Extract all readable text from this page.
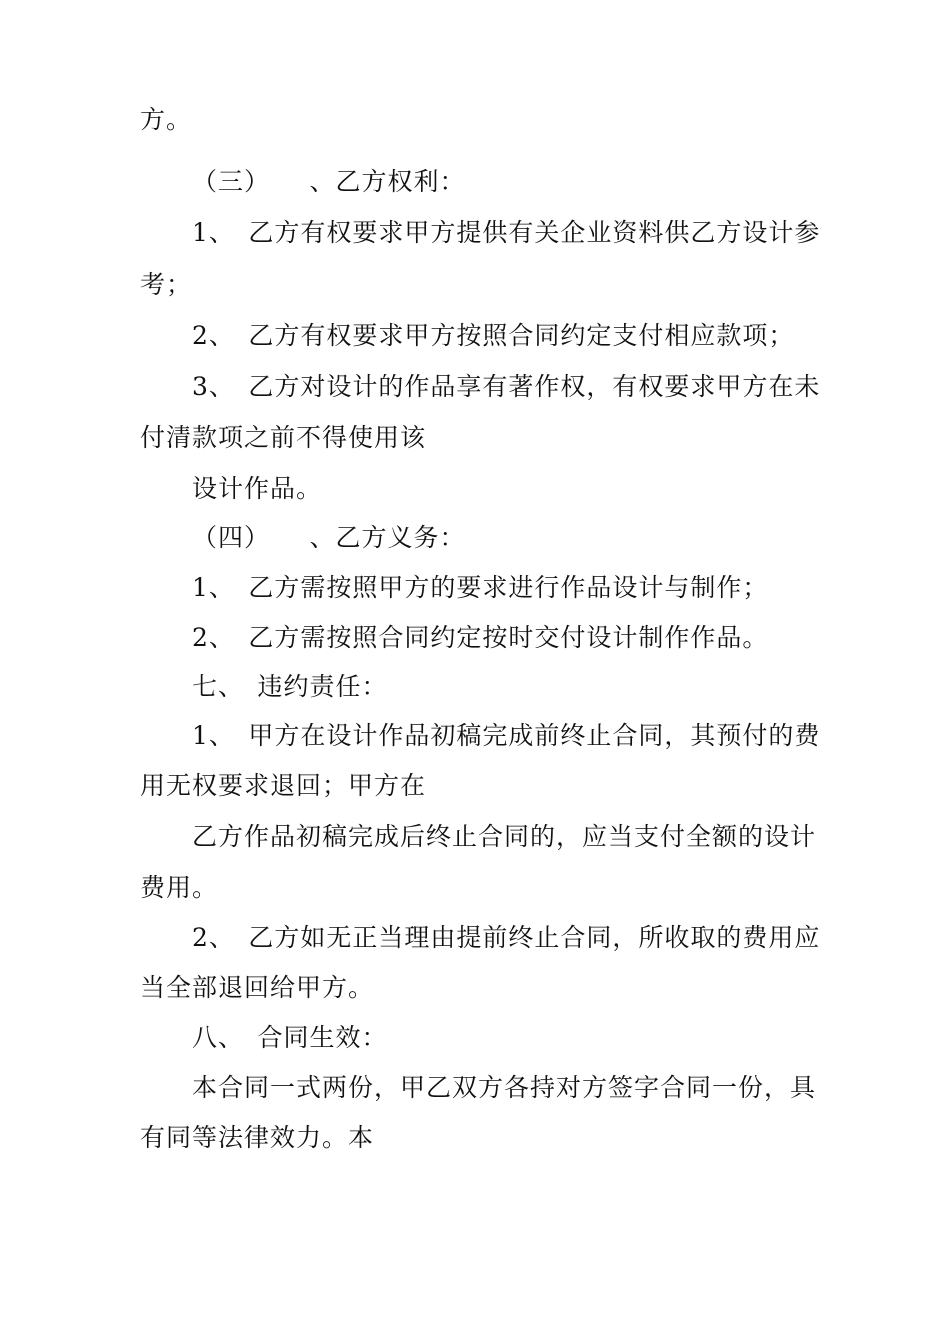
方。
（三）　　、乙方权利：
1、　乙方有权要求甲方提供有关企业资料供乙方设计参
考；
2、　乙方有权要求甲方按照合同约定支付相应款项；
3、　乙方对设计的作品享有著作权，有权要求甲方在未
付清款项之前不得使用该
设计作品。
（四）　　、乙方义务：
1、　乙方需按照甲方的要求进行作品设计与制作；
2、　乙方需按照合同约定按时交付设计制作作品。
七、　违约责任：
1、　甲方在设计作品初稿完成前终止合同，其预付的费
用无权要求退回；甲方在
乙方作品初稿完成后终止合同的，应当支付全额的设计
费用。
2、　乙方如无正当理由提前终止合同，所收取的费用应
当全部退回给甲方。
八、　合同生效：
本合同一式两份，甲乙双方各持对方签字合同一份，具
有同等法律效力。本
